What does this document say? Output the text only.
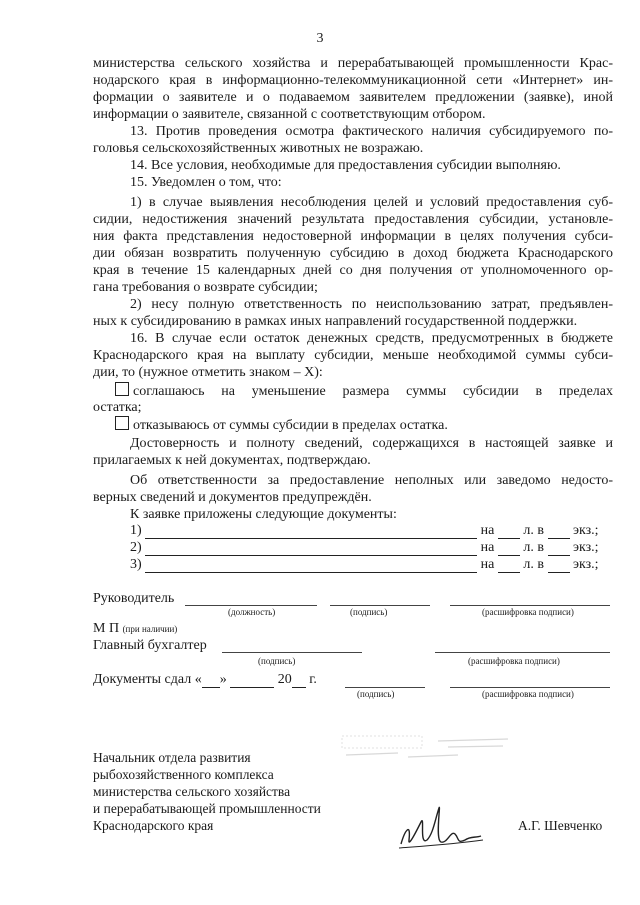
3
министерства сельского хозяйства и перерабатывающей промышленности Крас-
нодарского края в информационно-телекоммуникационной сети «Интернет» ин-
формации о заявителе и о подаваемом заявителем предложении (заявке), иной
информации о заявителе, связанной с соответствующим отбором.
13. Против проведения осмотра фактического наличия субсидируемого по-
головья сельскохозяйственных животных не возражаю.
14. Все условия, необходимые для предоставления субсидии выполняю.
15. Уведомлен о том, что:
1) в случае выявления несоблюдения целей и условий предоставления суб-
сидии, недостижения значений результата предоставления субсидии, установле-
ния факта представления недостоверной информации в целях получения субси-
дии обязан возвратить полученную субсидию в доход бюджета Краснодарского
края в течение 15 календарных дней со дня получения от уполномоченного ор-
гана требования о возврате субсидии;
2) несу полную ответственность по неиспользованию затрат, предъявлен-
ных к субсидированию в рамках иных направлений государственной поддержки.
16. В случае если остаток денежных средств, предусмотренных в бюджете
Краснодарского края на выплату субсидии, меньше необходимой суммы субси-
дии, то (нужное отметить знаком – Х):
соглашаюсь на уменьшение размера суммы субсидии в пределах
остатка;
отказываюсь от суммы субсидии в пределах остатка.
Достоверность и полноту сведений, содержащихся в настоящей заявке и
прилагаемых к ней документах, подтверждаю.
Об ответственности за предоставление неполных или заведомо недосто-
верных сведений и документов предупреждён.
К заявке приложены следующие документы:
1)	на л. в экз.;
2)	на л. в экз.;
3)	на л. в экз.;
Руководитель
(должность)	(подпись)	(расшифровка подписи)
М П (при наличии)
Главный бухгалтер
(подпись)	(расшифровка подписи)
Документы сдал « »	20 г.
(подпись)	(расшифровка подписи)
Начальник отдела развития
рыбохозяйственного комплекса
министерства сельского хозяйства
и перерабатывающей промышленности
Краснодарского края	А.Г. Шевченко
